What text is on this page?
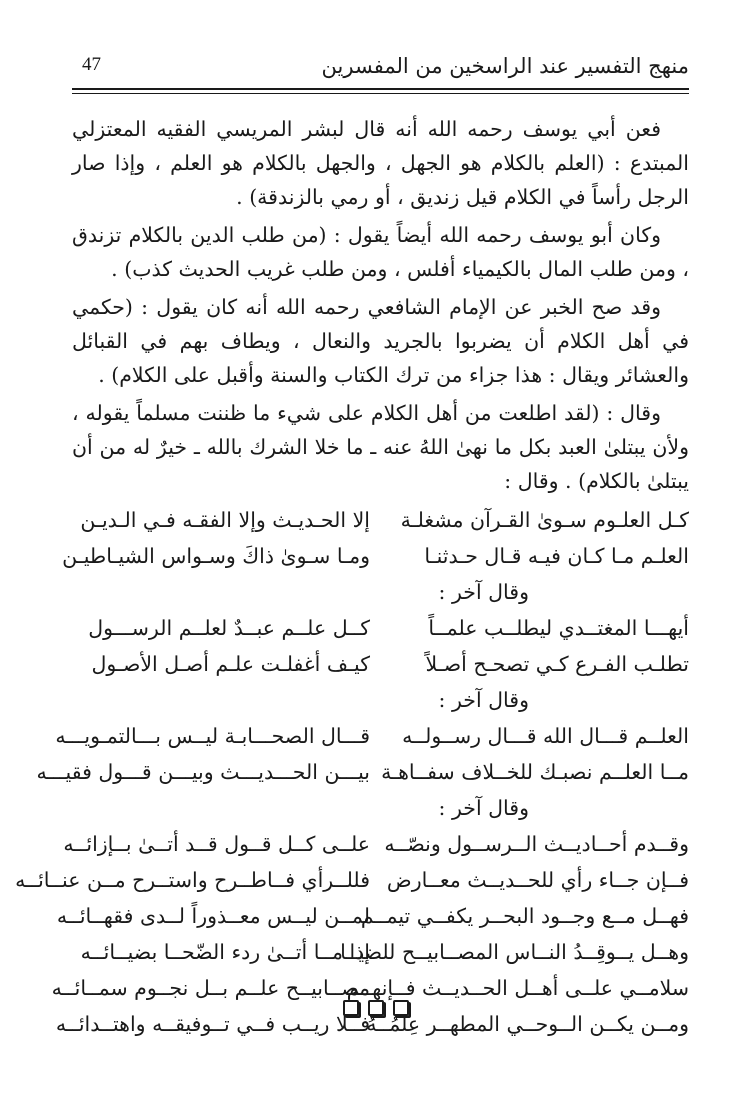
منهج التفسير عند الراسخين من المفسرين
47

فعن أبي يوسف رحمه الله أنه قال لبشر المريسي الفقيه المعتزلي المبتدع : (العلم بالكلام هو الجهل ، والجهل بالكلام هو العلم ، وإذا صار الرجل رأساً في الكلام قيل زنديق ، أو رمي بالزندقة) .

وكان أبو يوسف رحمه الله أيضاً يقول : (من طلب الدين بالكلام تزندق ، ومن طلب المال بالكيمياء أفلس ، ومن طلب غريب الحديث كذب) .

وقد صح الخبر عن الإمام الشافعي رحمه الله أنه كان يقول : (حكمي في أهل الكلام أن يضربوا بالجريد والنعال ، ويطاف بهم في القبائل والعشائر ويقال : هذا جزاء من ترك الكتاب والسنة وأقبل على الكلام) .

وقال : (لقد اطلعت من أهل الكلام على شيء ما ظننت مسلماً يقوله ، ولأن يبتلىٰ العبد بكل ما نهىٰ اللهُ عنه ـ ما خلا الشرك بالله ـ خيرٌ له من أن يبتلىٰ بالكلام) . وقال :

كـل العلـوم سـوىٰ القـرآن مشغلـة
إلا الحـديـث وإلا الفقـه فـي الـديـن
العلـم مـا كـان فيـه قـال حـدثنـا
ومـا سـوىٰ ذاكَ وسـواس الشيـاطيـن
وقال آخر :
أيهـــا المغتــدي ليطلــب علمــاً
كــل علــم عبــدٌ لعلــم الرســـول
تطلـب الفـرع كـي تصحـح أصـلاً
كيـف أغفلـت علـم أصـل الأصـول
وقال آخر :
العلــم قـــال الله قـــال رســولــه
قـــال الصحـــابـة ليــس بـــالتمـويـــه
مــا العلــم نصبـك للخــلاف سفــاهـة
بيـــن الحـــديـــث وبيـــن قـــول فقيـــه
وقال آخر :
وقــدم أحــاديــث الــرســول ونصّــه
علــى كــل قــول قــد أتــىٰ بــإزائــه
فــإن جــاء رأي للحــديــث معــارض
فللــرأي فــاطــرح واستــرح مــن عنــائــه
فهــل مــع وجــود البحــر يكفــي تيمــم
لمــن ليــس معــذوراً لــدى فقهــائــه
وهــل يــوقِــدُ النــاس المصــابيــح للضيــا
إذا مــا أتــىٰ ردء الضّحــا بضيــائــه
سلامــي علــى أهــل الحــديــث فــإنهــم
مصــابيــح علــم بــل نجــوم سمــائــه
ومــن يكــن الــوحــي المطهــر عِلمُــهُ
فــلا ريــب فــي تــوفيقــه واهتــدائــه
